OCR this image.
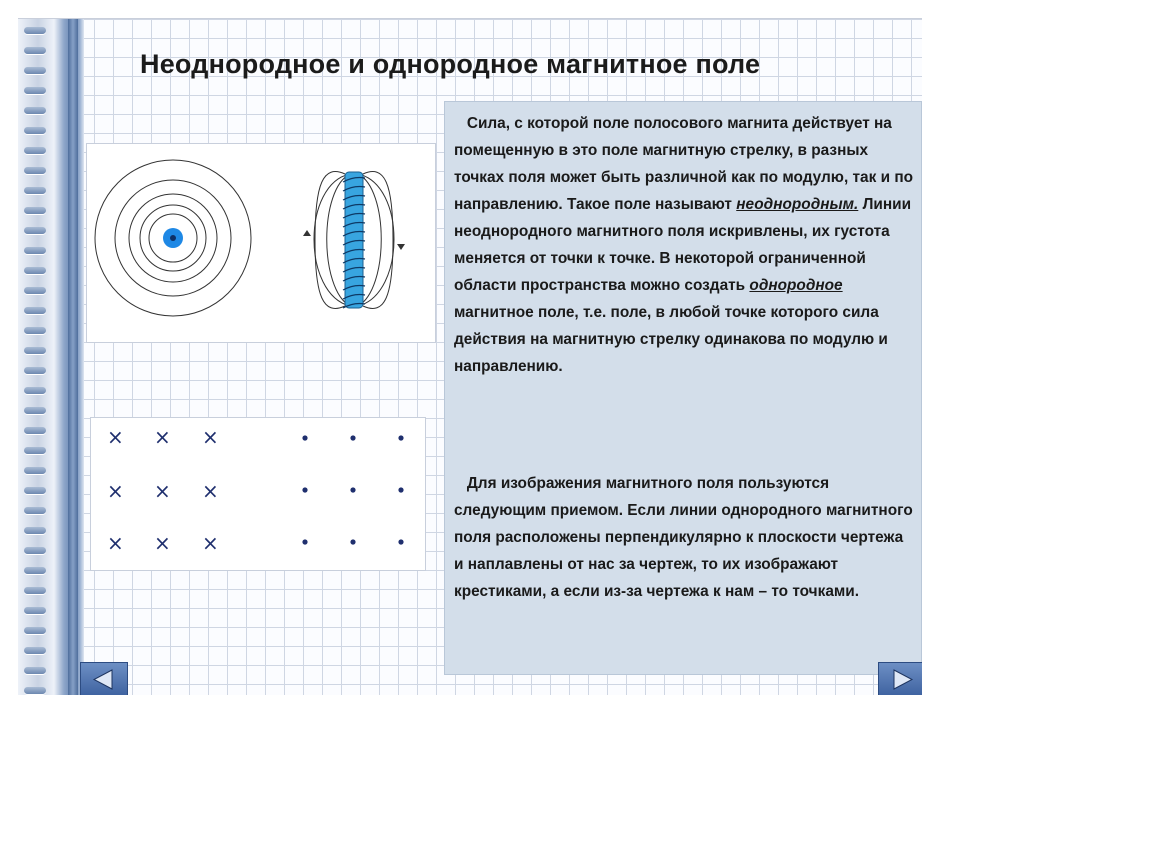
Неоднородное и однородное магнитное поле
× × ×
× × ×
× × ×

Сила, с которой поле полосового магнита действует на помещенную в это поле магнитную стрелку, в разных точках поля может быть различной как по модулю, так и по направлению. Такое поле называют неоднородным. Линии неоднородного магнитного поля искривлены, их густота меняется от точки к точке. В некоторой ограниченной области пространства можно создать однородное магнитное поле, т.е. поле, в любой точке которого сила действия на магнитную стрелку одинакова по модулю и направлению.

Для изображения магнитного поля пользуются следующим приемом. Если линии однородного магнитного поля расположены перпендикулярно к плоскости чертежа и наплавлены от нас за чертеж, то их изображают крестиками, а если из-за чертежа к нам – то точками.
